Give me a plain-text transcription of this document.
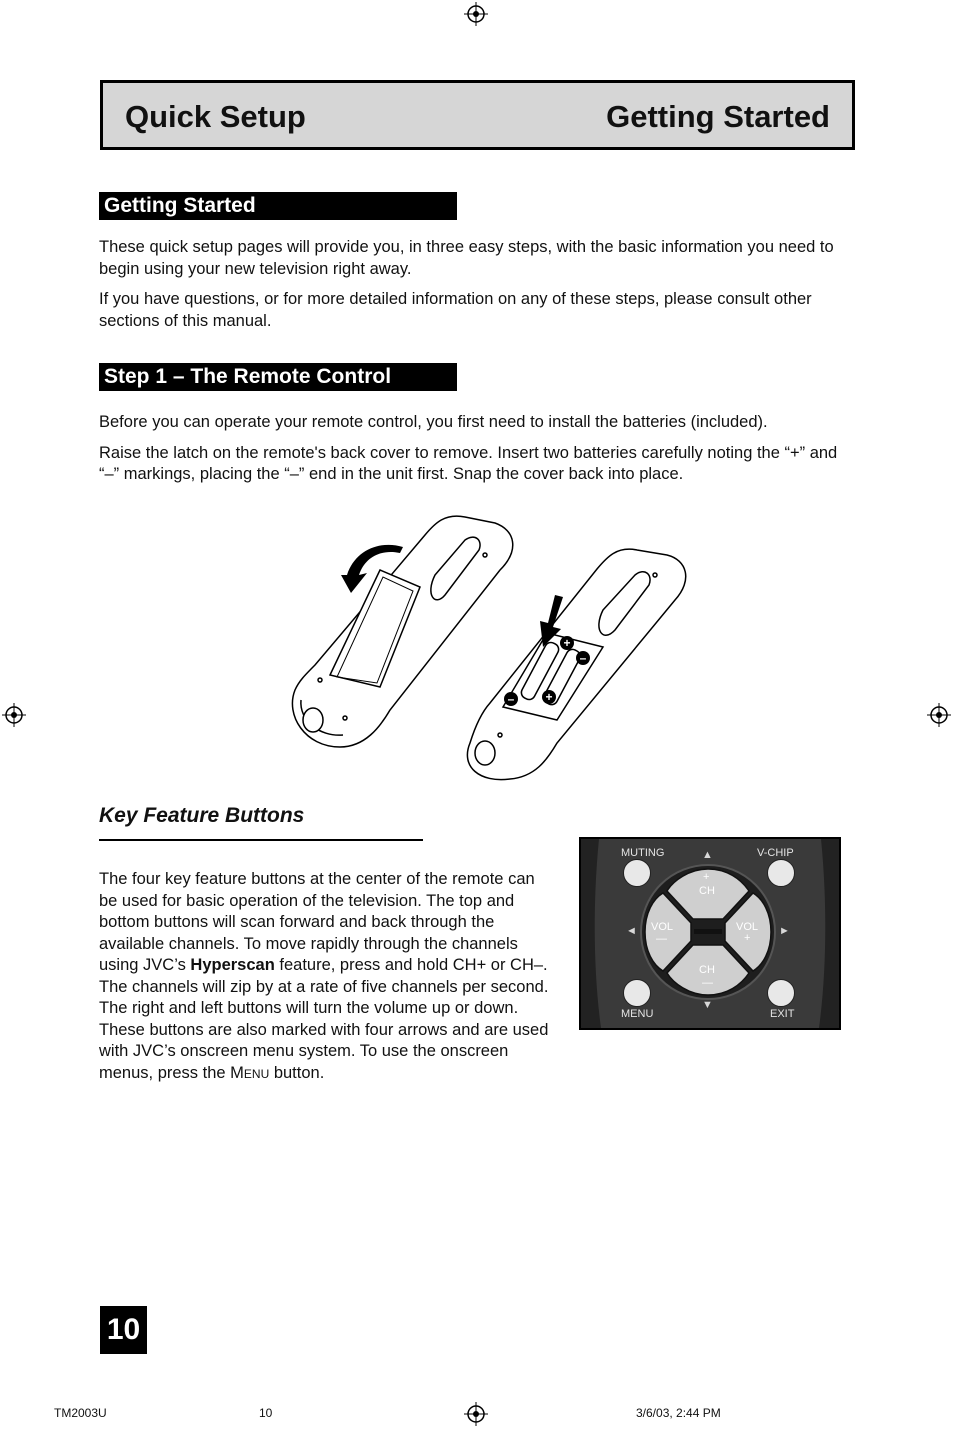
Quick Setup	Getting Started
Getting Started

These quick setup pages will provide you, in three easy steps, with the basic information you need to begin using your new television right away.

If you have questions, or for more detailed information on any of these steps, please consult other sections of this manual.

Step 1 – The Remote Control

Before you can operate your remote control, you first need to install the batteries (included).

Raise the latch on the remote's back cover to remove. Insert two batteries carefully noting the “+” and “–” markings, placing the “–” end in the unit first. Snap the cover back into place.

+
–
–	+
Key Feature Buttons

The four key feature buttons at the center of the remote can be used for basic operation of the television. The top and bottom buttons will scan forward and back through the available channels. To move rapidly through the channels using JVC’s Hyperscan feature, press and hold CH+ or CH–. The channels will zip by at a rate of five channels per second. The right and left buttons will turn the volume up or down. These buttons are also marked with four arrows and are used with JVC’s onscreen menu system. To use the onscreen menus, press the Menu button.

MUTING	V-CHIP
MENU	EXIT
▲
▼
◄	►
+
CH
CH
—
VOL
—
VOL
+
10
TM2003U	10	3/6/03, 2:44 PM
